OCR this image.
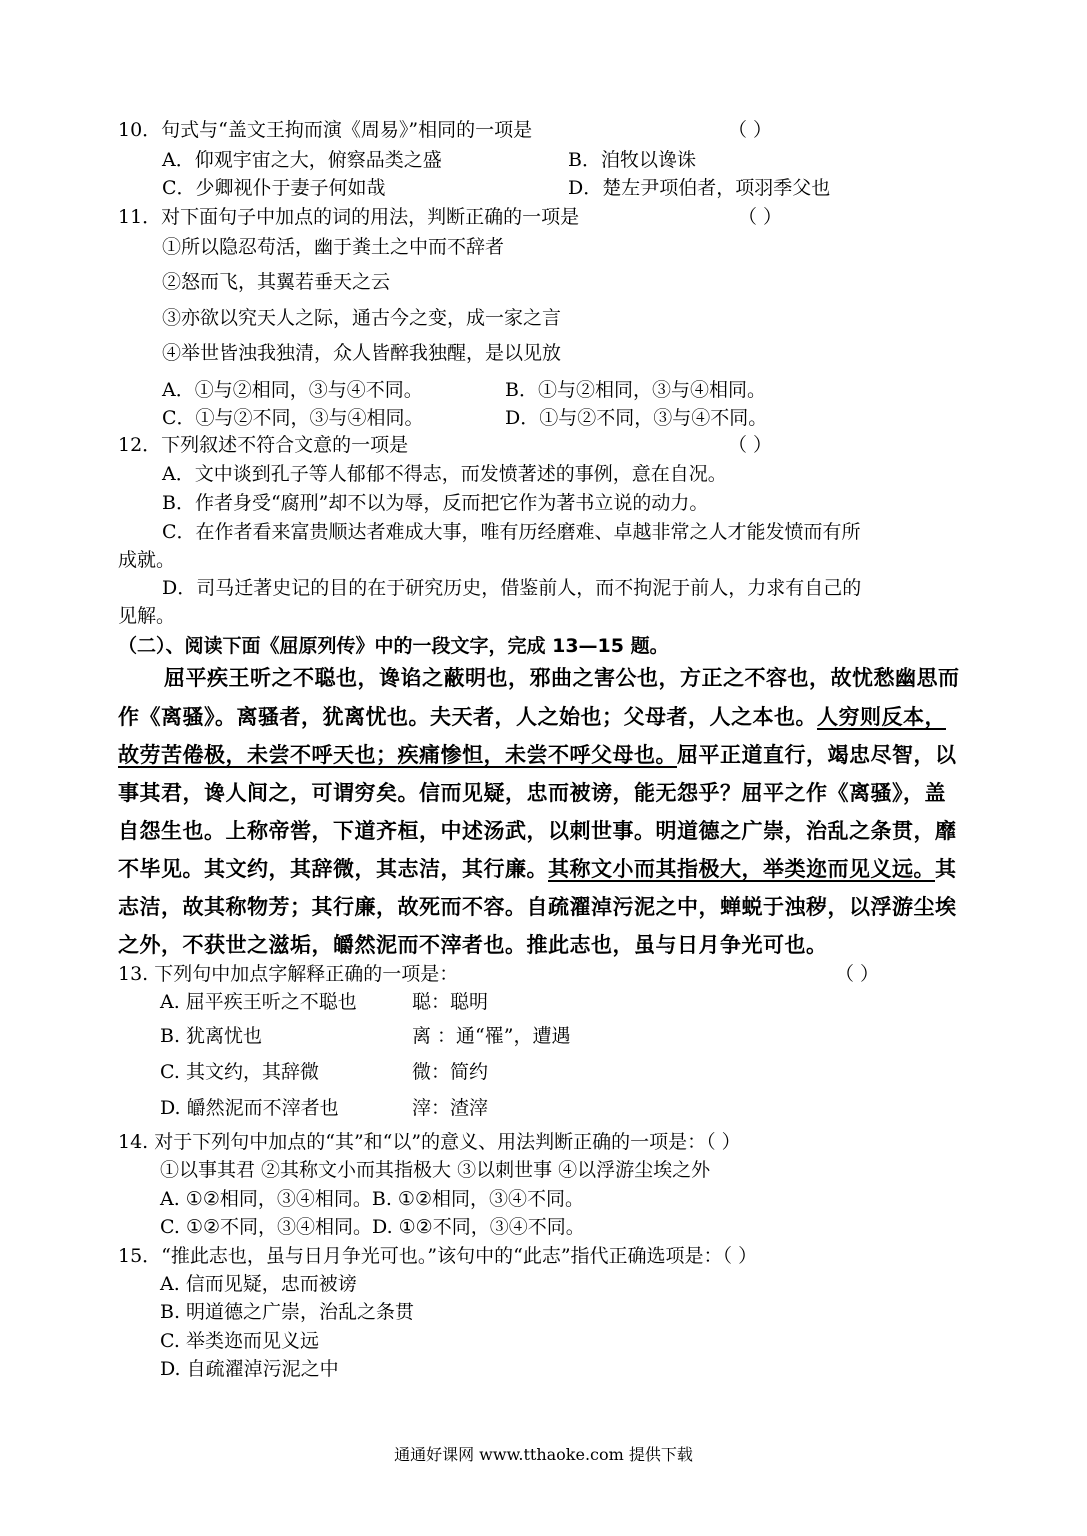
10．句式与“盖文王拘而演《周易》”相同的一项是	（ ）
A．仰观宇宙之大，俯察品类之盛	B．洎牧以谗诛
C．少卿视仆于妻子何如哉	D．楚左尹项伯者，项羽季父也
11．对下面句子中加点的词的用法，判断正确的一项是	（ ）
①所以隐忍苟活，幽于粪土之中而不辞者
②怒而飞，其翼若垂天之云
③亦欲以究天人之际，通古今之变，成一家之言
④举世皆浊我独清，众人皆醉我独醒，是以见放
A．①与②相同，③与④不同。	B．①与②相同，③与④相同。
C．①与②不同，③与④相同。	D．①与②不同，③与④不同。
12．下列叙述不符合文意的一项是	（ ）
A．文中谈到孔子等人郁郁不得志，而发愤著述的事例，意在自况。
B．作者身受“腐刑”却不以为辱，反而把它作为著书立说的动力。
C．在作者看来富贵顺达者难成大事，唯有历经磨难、卓越非常之人才能发愤而有所
成就。
D．司马迁著史记的目的在于研究历史，借鉴前人，而不拘泥于前人，力求有自己的
见解。
（二）、阅读下面《屈原列传》中的一段文字，完成 13—15 题。
屈平疾王听之不聪也，谗谄之蔽明也，邪曲之害公也，方正之不容也，故忧愁幽思而
作《离骚》。离骚者，犹离忧也。夫天者，人之始也；父母者，人之本也。人穷则反本，
故劳苦倦极，未尝不呼天也；疾痛惨怛，未尝不呼父母也。屈平正道直行，竭忠尽智，以
事其君，谗人间之，可谓穷矣。信而见疑，忠而被谤，能无怨乎？屈平之作《离骚》，盖
自怨生也。上称帝喾，下道齐桓，中述汤武，以刺世事。明道德之广崇，治乱之条贯，靡
不毕见。其文约，其辞微，其志洁，其行廉。其称文小而其指极大，举类迩而见义远。其
志洁，故其称物芳；其行廉，故死而不容。自疏濯淖污泥之中，蝉蜕于浊秽，以浮游尘埃
之外，不获世之滋垢，皭然泥而不滓者也。推此志也，虽与日月争光可也。
13. 下列句中加点字解释正确的一项是：	（ ）
A. 屈平疾王听之不聪也	聪：聪明
B. 犹离忧也	离 ：通“罹”，遭遇
C. 其文约，其辞微	微：简约
D. 皭然泥而不滓者也	滓：渣滓
14. 对于下列句中加点的“其”和“以”的意义、用法判断正确的一项是：（ ）
①以事其君 ②其称文小而其指极大 ③以刺世事 ④以浮游尘埃之外
A. ①②相同，③④相同。B. ①②相同，③④不同。
C. ①②不同，③④相同。D. ①②不同，③④不同。
15．“推此志也，虽与日月争光可也。”该句中的“此志”指代正确选项是：（ ）
A. 信而见疑，忠而被谤
B. 明道德之广崇，治乱之条贯
C. 举类迩而见义远
D. 自疏濯淖污泥之中
通通好课网 www.tthaoke.com 提供下载
